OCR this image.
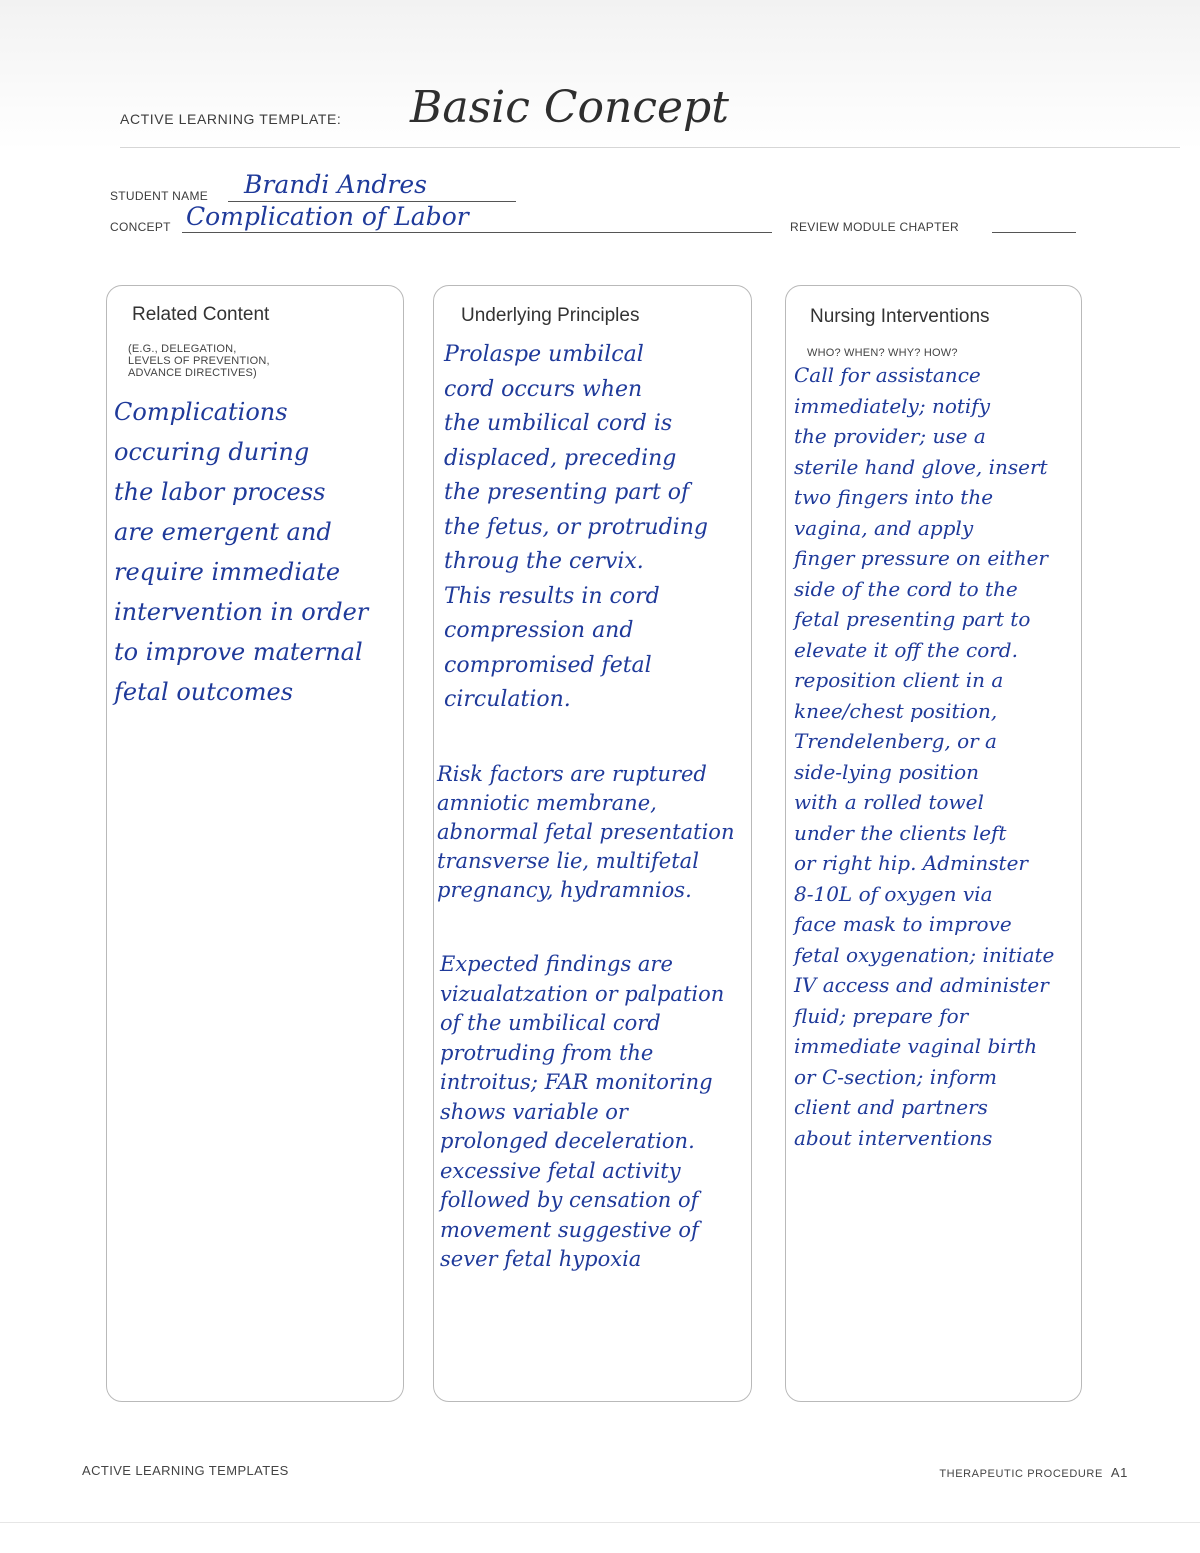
ACTIVE LEARNING TEMPLATE: Basic Concept
STUDENT NAME Brandi Andres
CONCEPT Complication of Labor	REVIEW MODULE CHAPTER
Related Content
(E.G., DELEGATION,
LEVELS OF PREVENTION,
ADVANCE DIRECTIVES)
Complications
occuring during
the labor process
are emergent and
require immediate
intervention in order
to improve maternal
fetal outcomes
Underlying Principles
Prolaspe umbilcal
cord occurs when
the umbilical cord is
displaced, preceding
the presenting part of
the fetus, or protruding
throug the cervix.
This results in cord
compression and
compromised fetal
circulation.
Risk factors are ruptured
amniotic membrane,
abnormal fetal presentation
transverse lie, multifetal
pregnancy, hydramnios.
Expected findings are
vizualatzation or palpation
of the umbilical cord
protruding from the
introitus; FAR monitoring
shows variable or
prolonged deceleration.
excessive fetal activity
followed by censation of
movement suggestive of
sever fetal hypoxia
Nursing Interventions
WHO? WHEN? WHY? HOW?
Call for assistance
immediately; notify
the provider; use a
sterile hand glove, insert
two fingers into the
vagina, and apply
finger pressure on either
side of the cord to the
fetal presenting part to
elevate it off the cord.
reposition client in a
knee/chest position,
Trendelenberg, or a
side-lying position
with a rolled towel
under the clients left
or right hip. Adminster
8-10L of oxygen via
face mask to improve
fetal oxygenation; initiate
IV access and administer
fluid; prepare for
immediate vaginal birth
or C-section; inform
client and partners
about interventions
ACTIVE LEARNING TEMPLATES	THERAPEUTIC PROCEDURE A1
